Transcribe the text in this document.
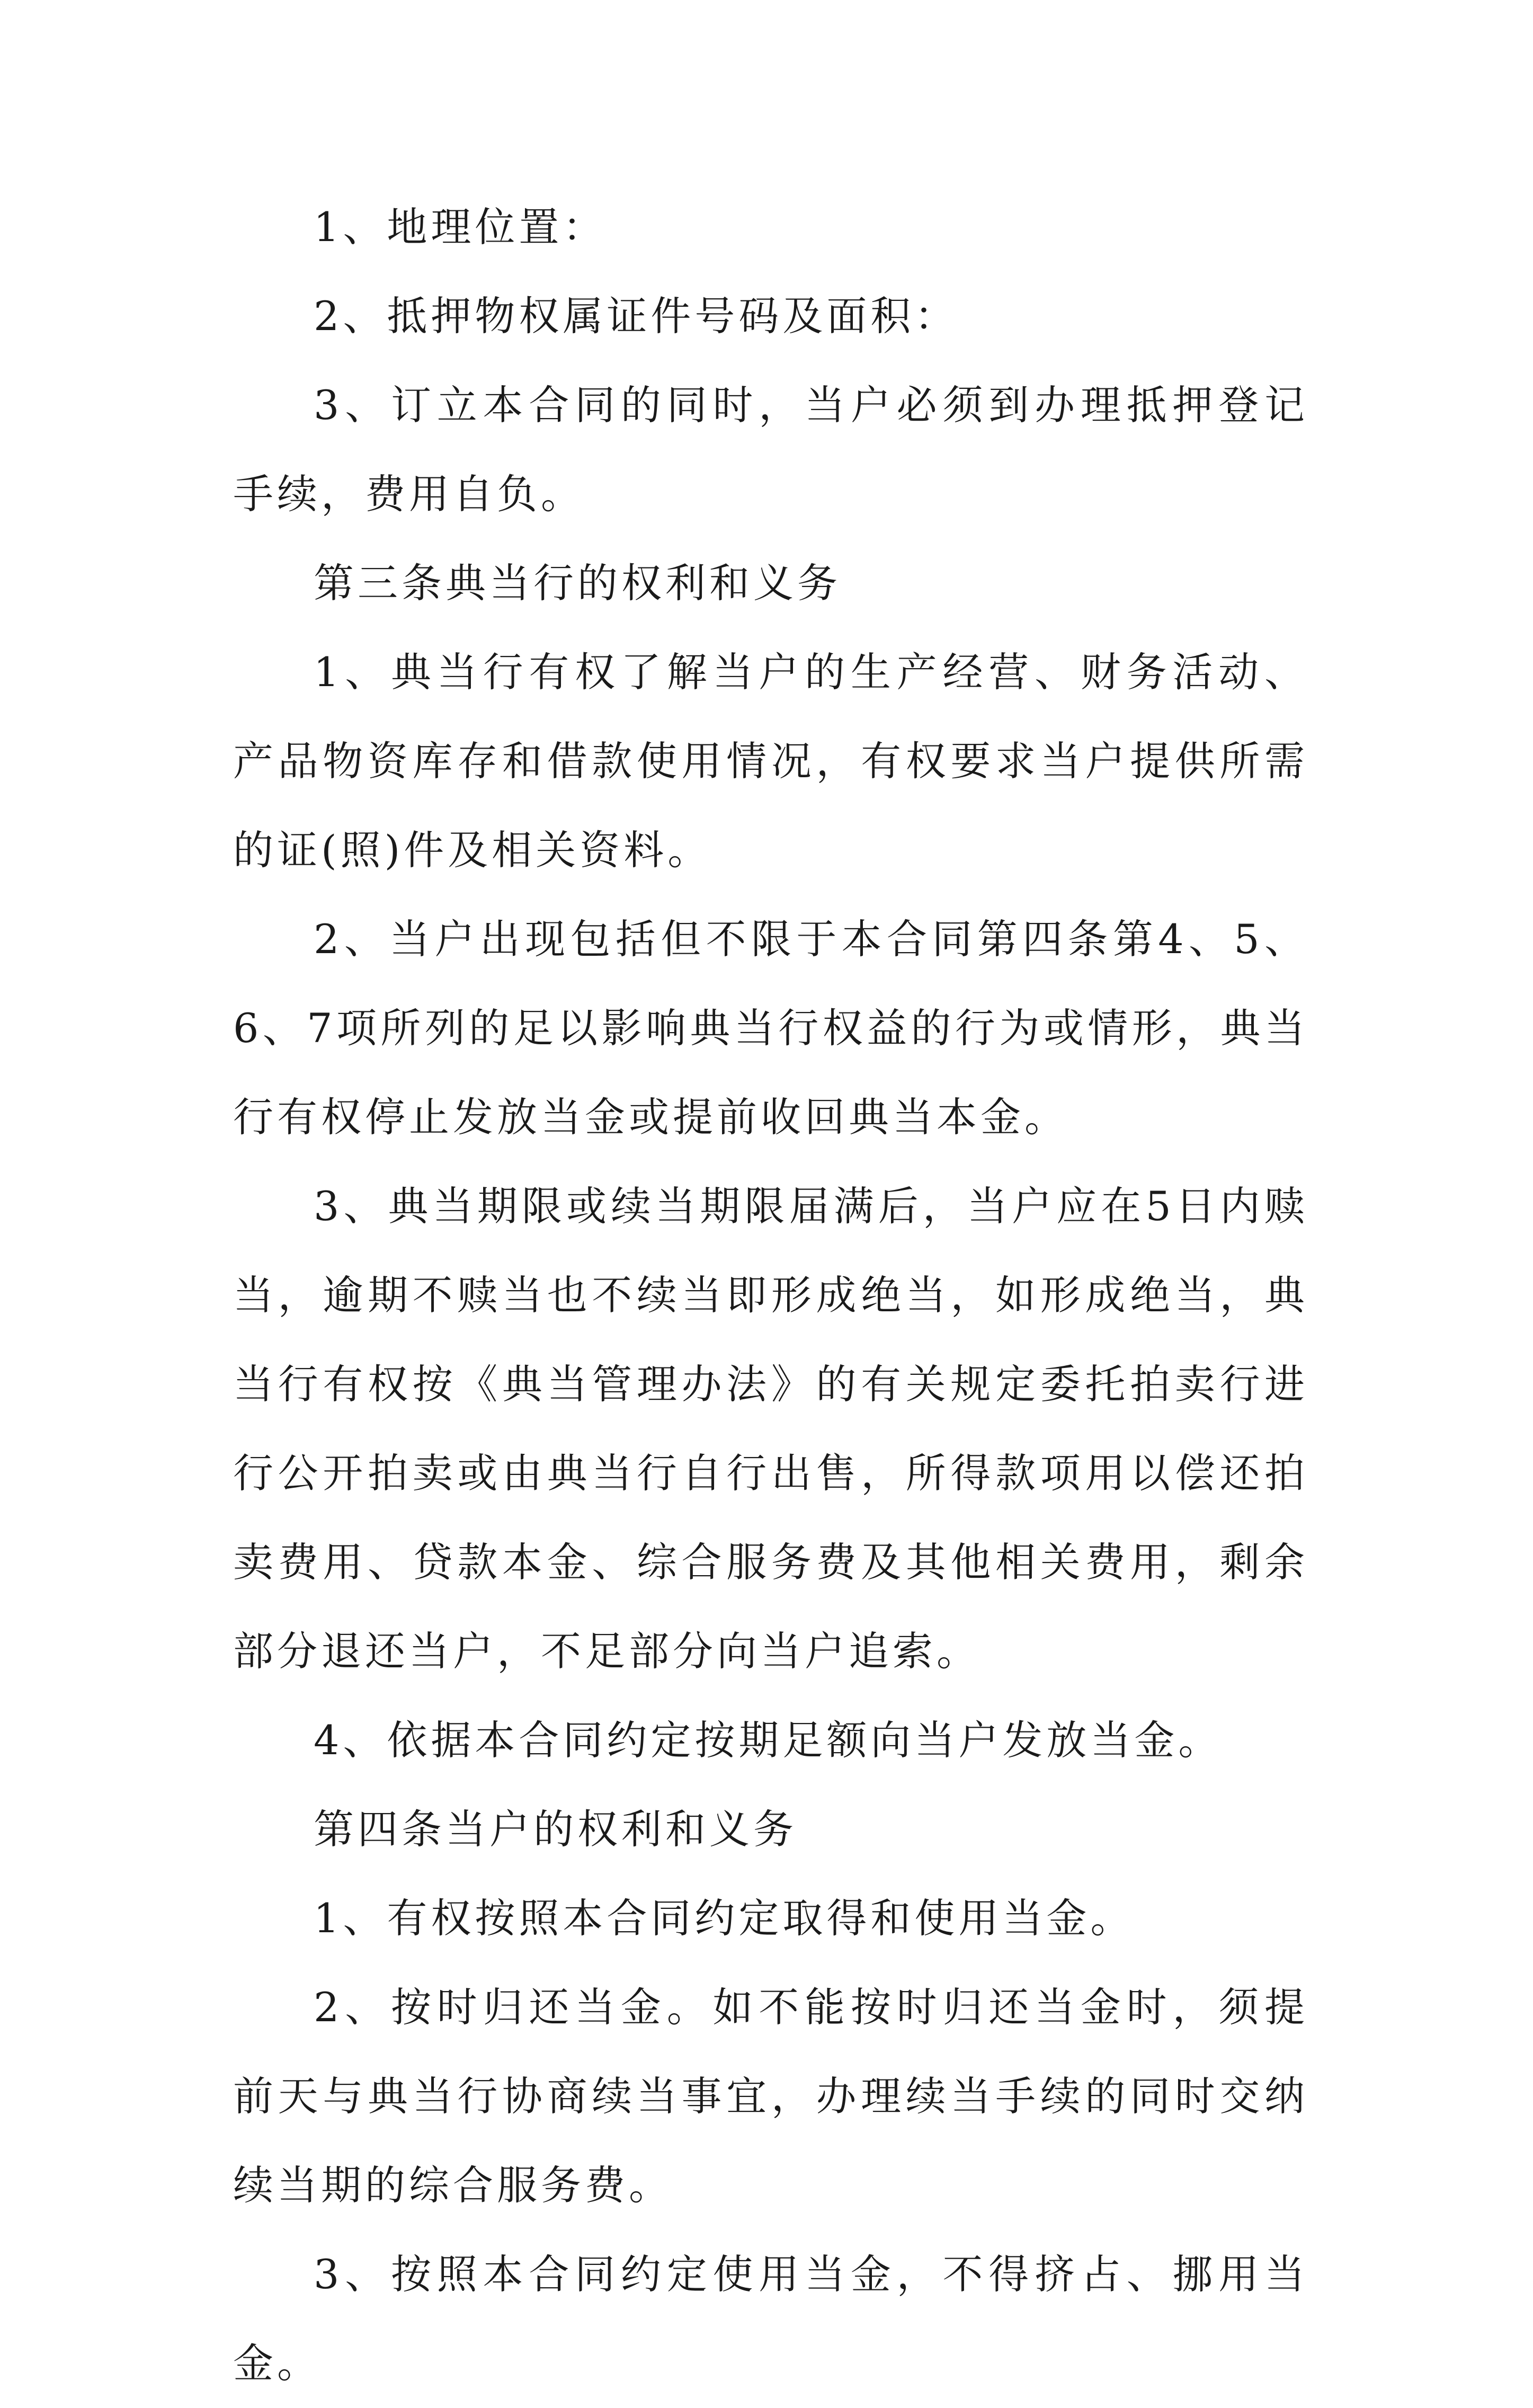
1、地理位置：

2、抵押物权属证件号码及面积：

3、订立本合同的同时，当户必须到办理抵押登记手续，费用自负。

第三条典当行的权利和义务

1、典当行有权了解当户的生产经营、财务活动、产品物资库存和借款使用情况，有权要求当户提供所需的证(照)件及相关资料。

2、当户出现包括但不限于本合同第四条第4、5、6、7项所列的足以影响典当行权益的行为或情形，典当行有权停止发放当金或提前收回典当本金。

3、典当期限或续当期限届满后，当户应在5日内赎当，逾期不赎当也不续当即形成绝当，如形成绝当，典当行有权按《典当管理办法》的有关规定委托拍卖行进行公开拍卖或由典当行自行出售，所得款项用以偿还拍卖费用、贷款本金、综合服务费及其他相关费用，剩余部分退还当户，不足部分向当户追索。

4、依据本合同约定按期足额向当户发放当金。

第四条当户的权利和义务

1、有权按照本合同约定取得和使用当金。

2、按时归还当金。如不能按时归还当金时，须提前天与典当行协商续当事宜，办理续当手续的同时交纳续当期的综合服务费。

3、按照本合同约定使用当金，不得挤占、挪用当金。
